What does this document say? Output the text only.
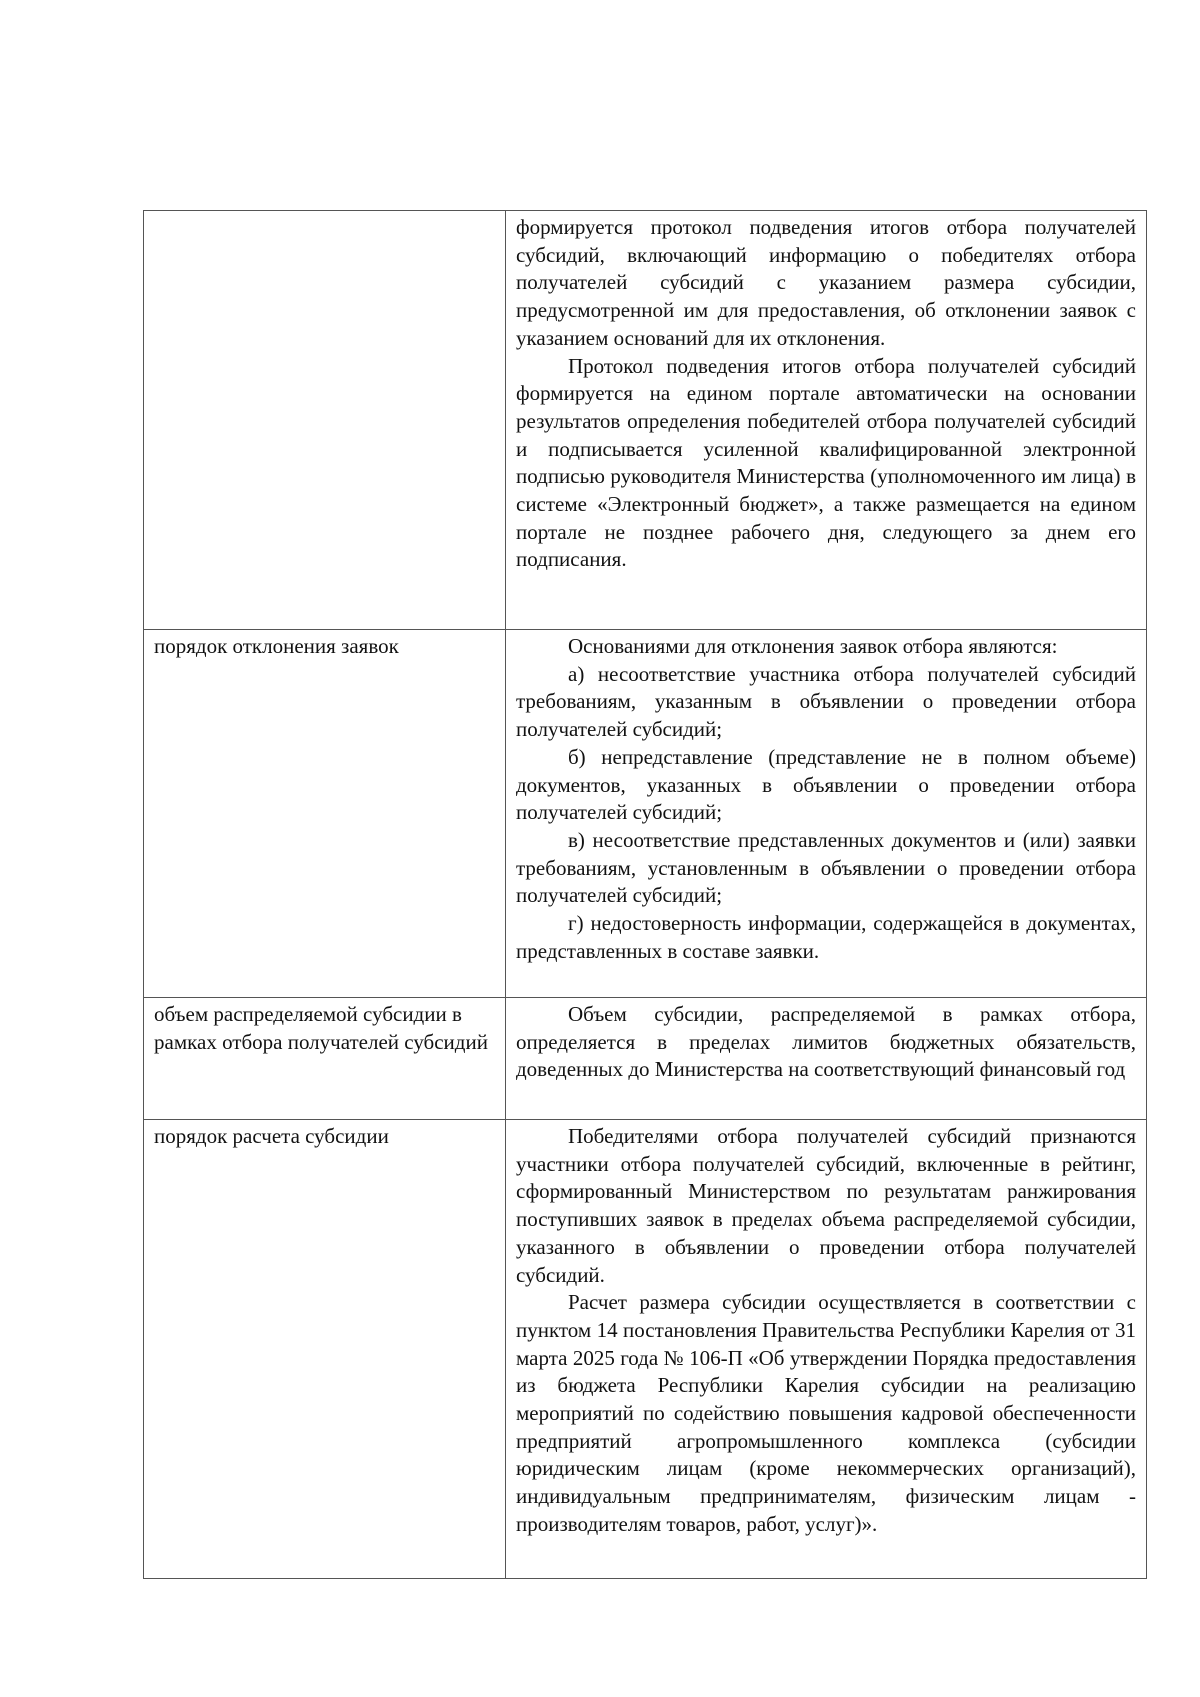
	формируется протокол подведения итогов отбора получателей субсидий, включающий информацию о победителях отбора получателей субсидий с указанием размера субсидии, предусмотренной им для предоставления, об отклонении заявок с указанием оснований для их отклонения.

Протокол подведения итогов отбора получателей субсидий формируется на едином портале автоматически на основании результатов определения победителей отбора получателей субсидий и подписывается усиленной квалифицированной электронной подписью руководителя Министерства (уполномоченного им лица) в системе «Электронный бюджет», а также размещается на едином портале не позднее рабочего дня, следующего за днем его подписания.

порядок отклонения заявок	Основаниями для отклонения заявок отбора являются:

а) несоответствие участника отбора получателей субсидий требованиям, указанным в объявлении о проведении отбора получателей субсидий;

б) непредставление (представление не в полном объеме) документов, указанных в объявлении о проведении отбора получателей субсидий;

в) несоответствие представленных документов и (или) заявки требованиям, установленным в объявлении о проведении отбора получателей субсидий;

г) недостоверность информации, содержащейся в документах, представленных в составе заявки.

объем распределяемой субсидии в рамках отбора получателей субсидий	Объем субсидии, распределяемой в рамках отбора, определяется в пределах лимитов бюджетных обязательств, доведенных до Министерства на соответствующий финансовый год

порядок расчета субсидии	Победителями отбора получателей субсидий признаются участники отбора получателей субсидий, включенные в рейтинг, сформированный Министерством по результатам ранжирования поступивших заявок в пределах объема распределяемой субсидии, указанного в объявлении о проведении отбора получателей субсидий.

Расчет размера субсидии осуществляется в соответствии с пунктом 14 постановления Правительства Республики Карелия от 31 марта 2025 года № 106-П «Об утверждении Порядка предоставления из бюджета Республики Карелия субсидии на реализацию мероприятий по содействию повышения кадровой обеспеченности предприятий агропромышленного комплекса (субсидии юридическим лицам (кроме некоммерческих организаций), индивидуальным предпринимателям, физическим лицам - производителям товаров, работ, услуг)».
